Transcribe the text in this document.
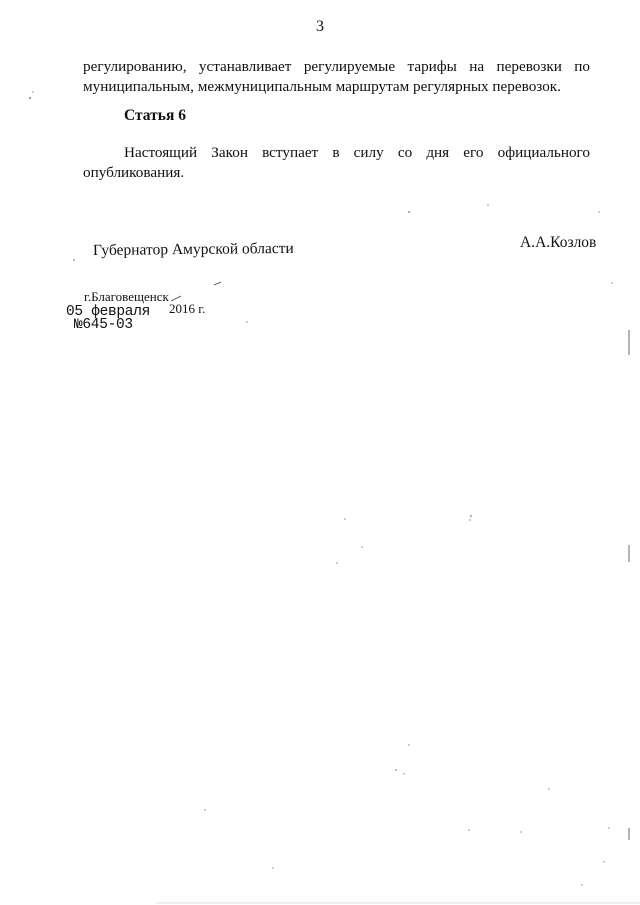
3
регулированию, устанавливает регулируемые тарифы на перевозки по
муниципальным, межмуниципальным маршрутам регулярных перевозок.
Статья 6
Настоящий Закон вступает в силу со дня его официального
опубликования.
Губернатор Амурской области	А.А.Козлов
г.Благовещенск
05 февраля 2016 г.
№645-03
